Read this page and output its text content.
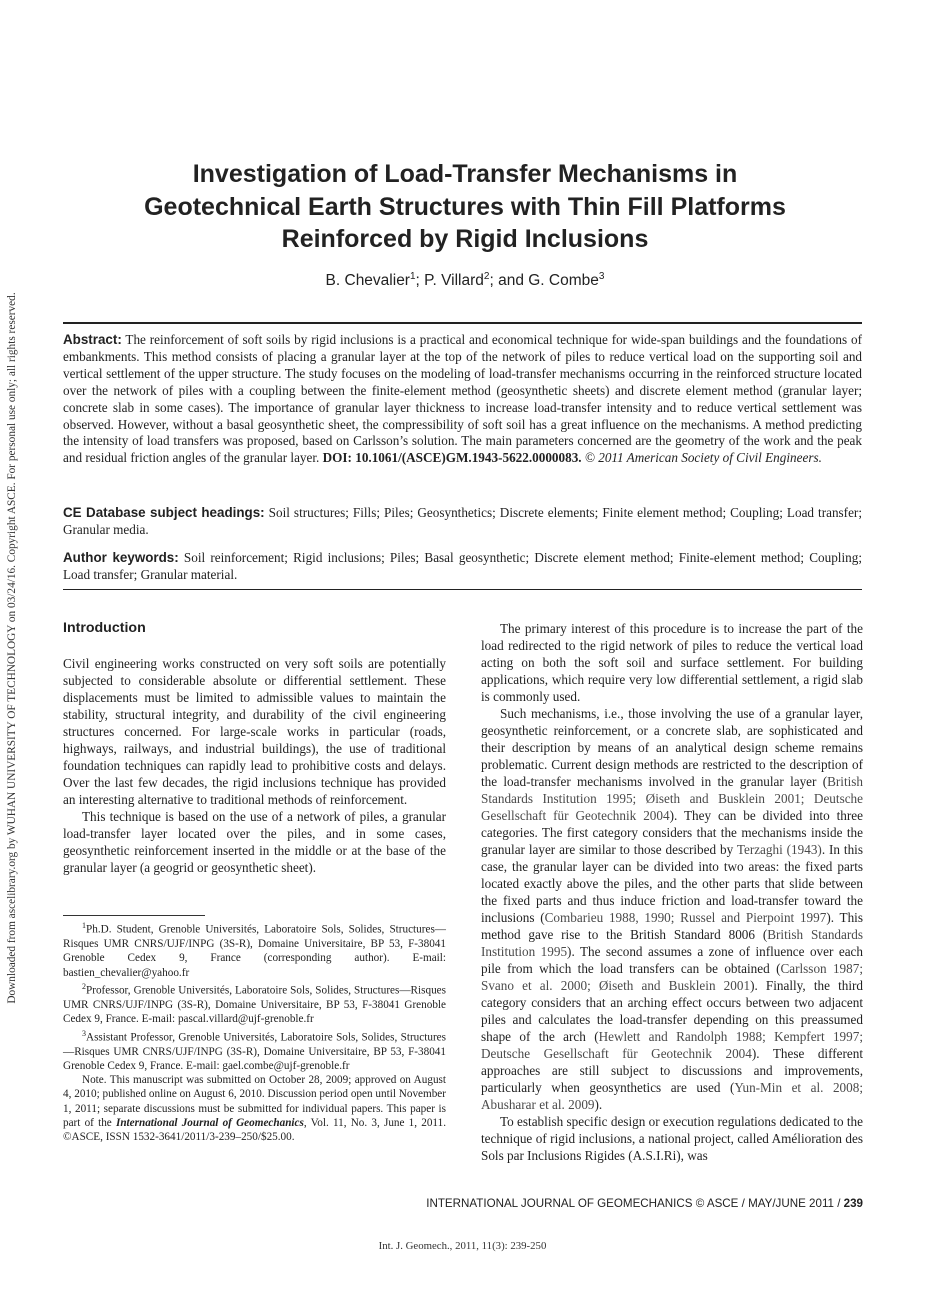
Downloaded from ascelibrary.org by WUHAN UNIVERSITY OF TECHNOLOGY on 03/24/16. Copyright ASCE. For personal use only; all rights reserved.
Investigation of Load-Transfer Mechanisms in Geotechnical Earth Structures with Thin Fill Platforms Reinforced by Rigid Inclusions
B. Chevalier$^1$; P. Villard$^2$; and G. Combe$^3$
Abstract: The reinforcement of soft soils by rigid inclusions is a practical and economical technique for wide-span buildings and the foundations of embankments. This method consists of placing a granular layer at the top of the network of piles to reduce vertical load on the supporting soil and vertical settlement of the upper structure. The study focuses on the modeling of load-transfer mechanisms occurring in the reinforced structure located over the network of piles with a coupling between the finite-element method (geosynthetic sheets) and discrete element method (granular layer; concrete slab in some cases). The importance of granular layer thickness to increase load-transfer intensity and to reduce vertical settlement was observed. However, without a basal geosynthetic sheet, the compressibility of soft soil has a great influence on the mechanisms. A method predicting the intensity of load transfers was proposed, based on Carlsson’s solution. The main parameters concerned are the geometry of the work and the peak and residual friction angles of the granular layer. DOI: 10.1061/(ASCE)GM.1943-5622.0000083. © 2011 American Society of Civil Engineers.
CE Database subject headings: Soil structures; Fills; Piles; Geosynthetics; Discrete elements; Finite element method; Coupling; Load transfer; Granular media.
Author keywords: Soil reinforcement; Rigid inclusions; Piles; Basal geosynthetic; Discrete element method; Finite-element method; Coupling; Load transfer; Granular material.
Introduction

Civil engineering works constructed on very soft soils are potentially subjected to considerable absolute or differential settlement. These displacements must be limited to admissible values to maintain the stability, structural integrity, and durability of the civil engineering structures concerned. For large-scale works in particular (roads, highways, railways, and industrial buildings), the use of traditional foundation techniques can rapidly lead to prohibitive costs and delays. Over the last few decades, the rigid inclusions technique has provided an interesting alternative to traditional methods of reinforcement.

This technique is based on the use of a network of piles, a granular load-transfer layer located over the piles, and in some cases, geosynthetic reinforcement inserted in the middle or at the base of the granular layer (a geogrid or geosynthetic sheet).

$^1$Ph.D. Student, Grenoble Universités, Laboratoire Sols, Solides, Structures—Risques UMR CNRS/UJF/INPG (3S-R), Domaine Universitaire, BP 53, F-38041 Grenoble Cedex 9, France (corresponding author). E-mail: bastien_chevalier@yahoo.fr

$^2$Professor, Grenoble Universités, Laboratoire Sols, Solides, Structures—Risques UMR CNRS/UJF/INPG (3S-R), Domaine Universitaire, BP 53, F-38041 Grenoble Cedex 9, France. E-mail: pascal.villard@ujf-grenoble.fr

$^3$Assistant Professor, Grenoble Universités, Laboratoire Sols, Solides, Structures—Risques UMR CNRS/UJF/INPG (3S-R), Domaine Universitaire, BP 53, F-38041 Grenoble Cedex 9, France. E-mail: gael.combe@ujf-grenoble.fr

Note. This manuscript was submitted on October 28, 2009; approved on August 4, 2010; published online on August 6, 2010. Discussion period open until November 1, 2011; separate discussions must be submitted for individual papers. This paper is part of the International Journal of Geomechanics, Vol. 11, No. 3, June 1, 2011. ©ASCE, ISSN 1532-3641/2011/3-239–250/$25.00.

The primary interest of this procedure is to increase the part of the load redirected to the rigid network of piles to reduce the vertical load acting on both the soft soil and surface settlement. For building applications, which require very low differential settlement, a rigid slab is commonly used.

Such mechanisms, i.e., those involving the use of a granular layer, geosynthetic reinforcement, or a concrete slab, are sophisticated and their description by means of an analytical design scheme remains problematic. Current design methods are restricted to the description of the load-transfer mechanisms involved in the granular layer (British Standards Institution 1995; Øiseth and Busklein 2001; Deutsche Gesellschaft für Geotechnik 2004). They can be divided into three categories. The first category considers that the mechanisms inside the granular layer are similar to those described by Terzaghi (1943). In this case, the granular layer can be divided into two areas: the fixed parts located exactly above the piles, and the other parts that slide between the fixed parts and thus induce friction and load-transfer toward the inclusions (Combarieu 1988, 1990; Russel and Pierpoint 1997). This method gave rise to the British Standard 8006 (British Standards Institution 1995). The second assumes a zone of influence over each pile from which the load transfers can be obtained (Carlsson 1987; Svano et al. 2000; Øiseth and Busklein 2001). Finally, the third category considers that an arching effect occurs between two adjacent piles and calculates the load-transfer depending on this preassumed shape of the arch (Hewlett and Randolph 1988; Kempfert 1997; Deutsche Gesellschaft für Geotechnik 2004). These different approaches are still subject to discussions and improvements, particularly when geosynthetics are used (Yun-Min et al. 2008; Abusharar et al. 2009).

To establish specific design or execution regulations dedicated to the technique of rigid inclusions, a national project, called Amélioration des Sols par Inclusions Rigides (A.S.I.Ri), was

INTERNATIONAL JOURNAL OF GEOMECHANICS © ASCE / MAY/JUNE 2011 / 239
Int. J. Geomech., 2011, 11(3): 239-250
